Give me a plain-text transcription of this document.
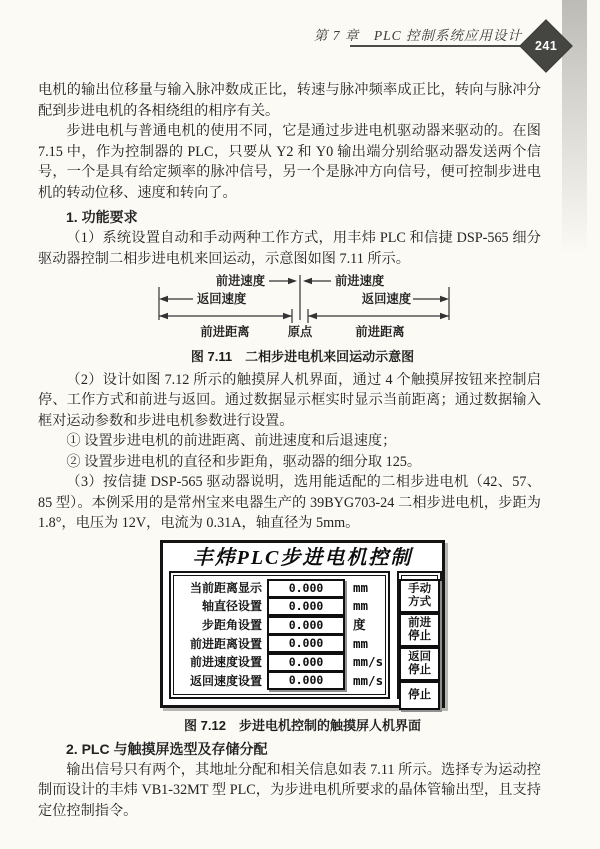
第 7 章　PLC 控制系统应用设计
241

电机的输出位移量与输入脉冲数成正比，转速与脉冲频率成正比，转向与脉冲分配到步进电机的各相绕组的相序有关。

步进电机与普通电机的使用不同，它是通过步进电机驱动器来驱动的。在图 7.15 中，作为控制器的 PLC，只要从 Y2 和 Y0 输出端分别给驱动器发送两个信号，一个是具有给定频率的脉冲信号，另一个是脉冲方向信号，便可控制步进电机的转动位移、速度和转向了。

1. 功能要求

（1）系统设置自动和手动两种工作方式，用丰炜 PLC 和信捷 DSP-565 细分驱动器控制二相步进电机来回运动，示意图如图 7.11 所示。

前进速度	前进速度
返回速度	返回速度
前进距离	原点	前进距离
图 7.11　二相步进电机来回运动示意图

（2）设计如图 7.12 所示的触摸屏人机界面，通过 4 个触摸屏按钮来控制启停、工作方式和前进与返回。通过数据显示框实时显示当前距离；通过数据输入框对运动参数和步进电机参数进行设置。

① 设置步进电机的前进距离、前进速度和后退速度；

② 设置步进电机的直径和步距角，驱动器的细分取 125。

（3）按信捷 DSP-565 驱动器说明，选用能适配的二相步进电机（42、57、85 型）。本例采用的是常州宝来电器生产的 39BYG703-24 二相步进电机，步距为 1.8°，电压为 12V，电流为 0.31A，轴直径为 5mm。

丰炜PLC步进电机控制
当前距离显示	0.000	mm
轴直径设置	0.000	mm
步距角设置	0.000	度
前进距离设置	0.000	mm
前进速度设置	0.000	mm/s
返回速度设置	0.000	mm/s
手动
方式
前进
停止
返回
停止
停止
图 7.12　步进电机控制的触摸屏人机界面
2. PLC 与触摸屏选型及存储分配

输出信号只有两个，其地址分配和相关信息如表 7.11 所示。选择专为运动控制而设计的丰炜 VB1-32MT 型 PLC，为步进电机所要求的晶体管输出型，且支持定位控制指令。
